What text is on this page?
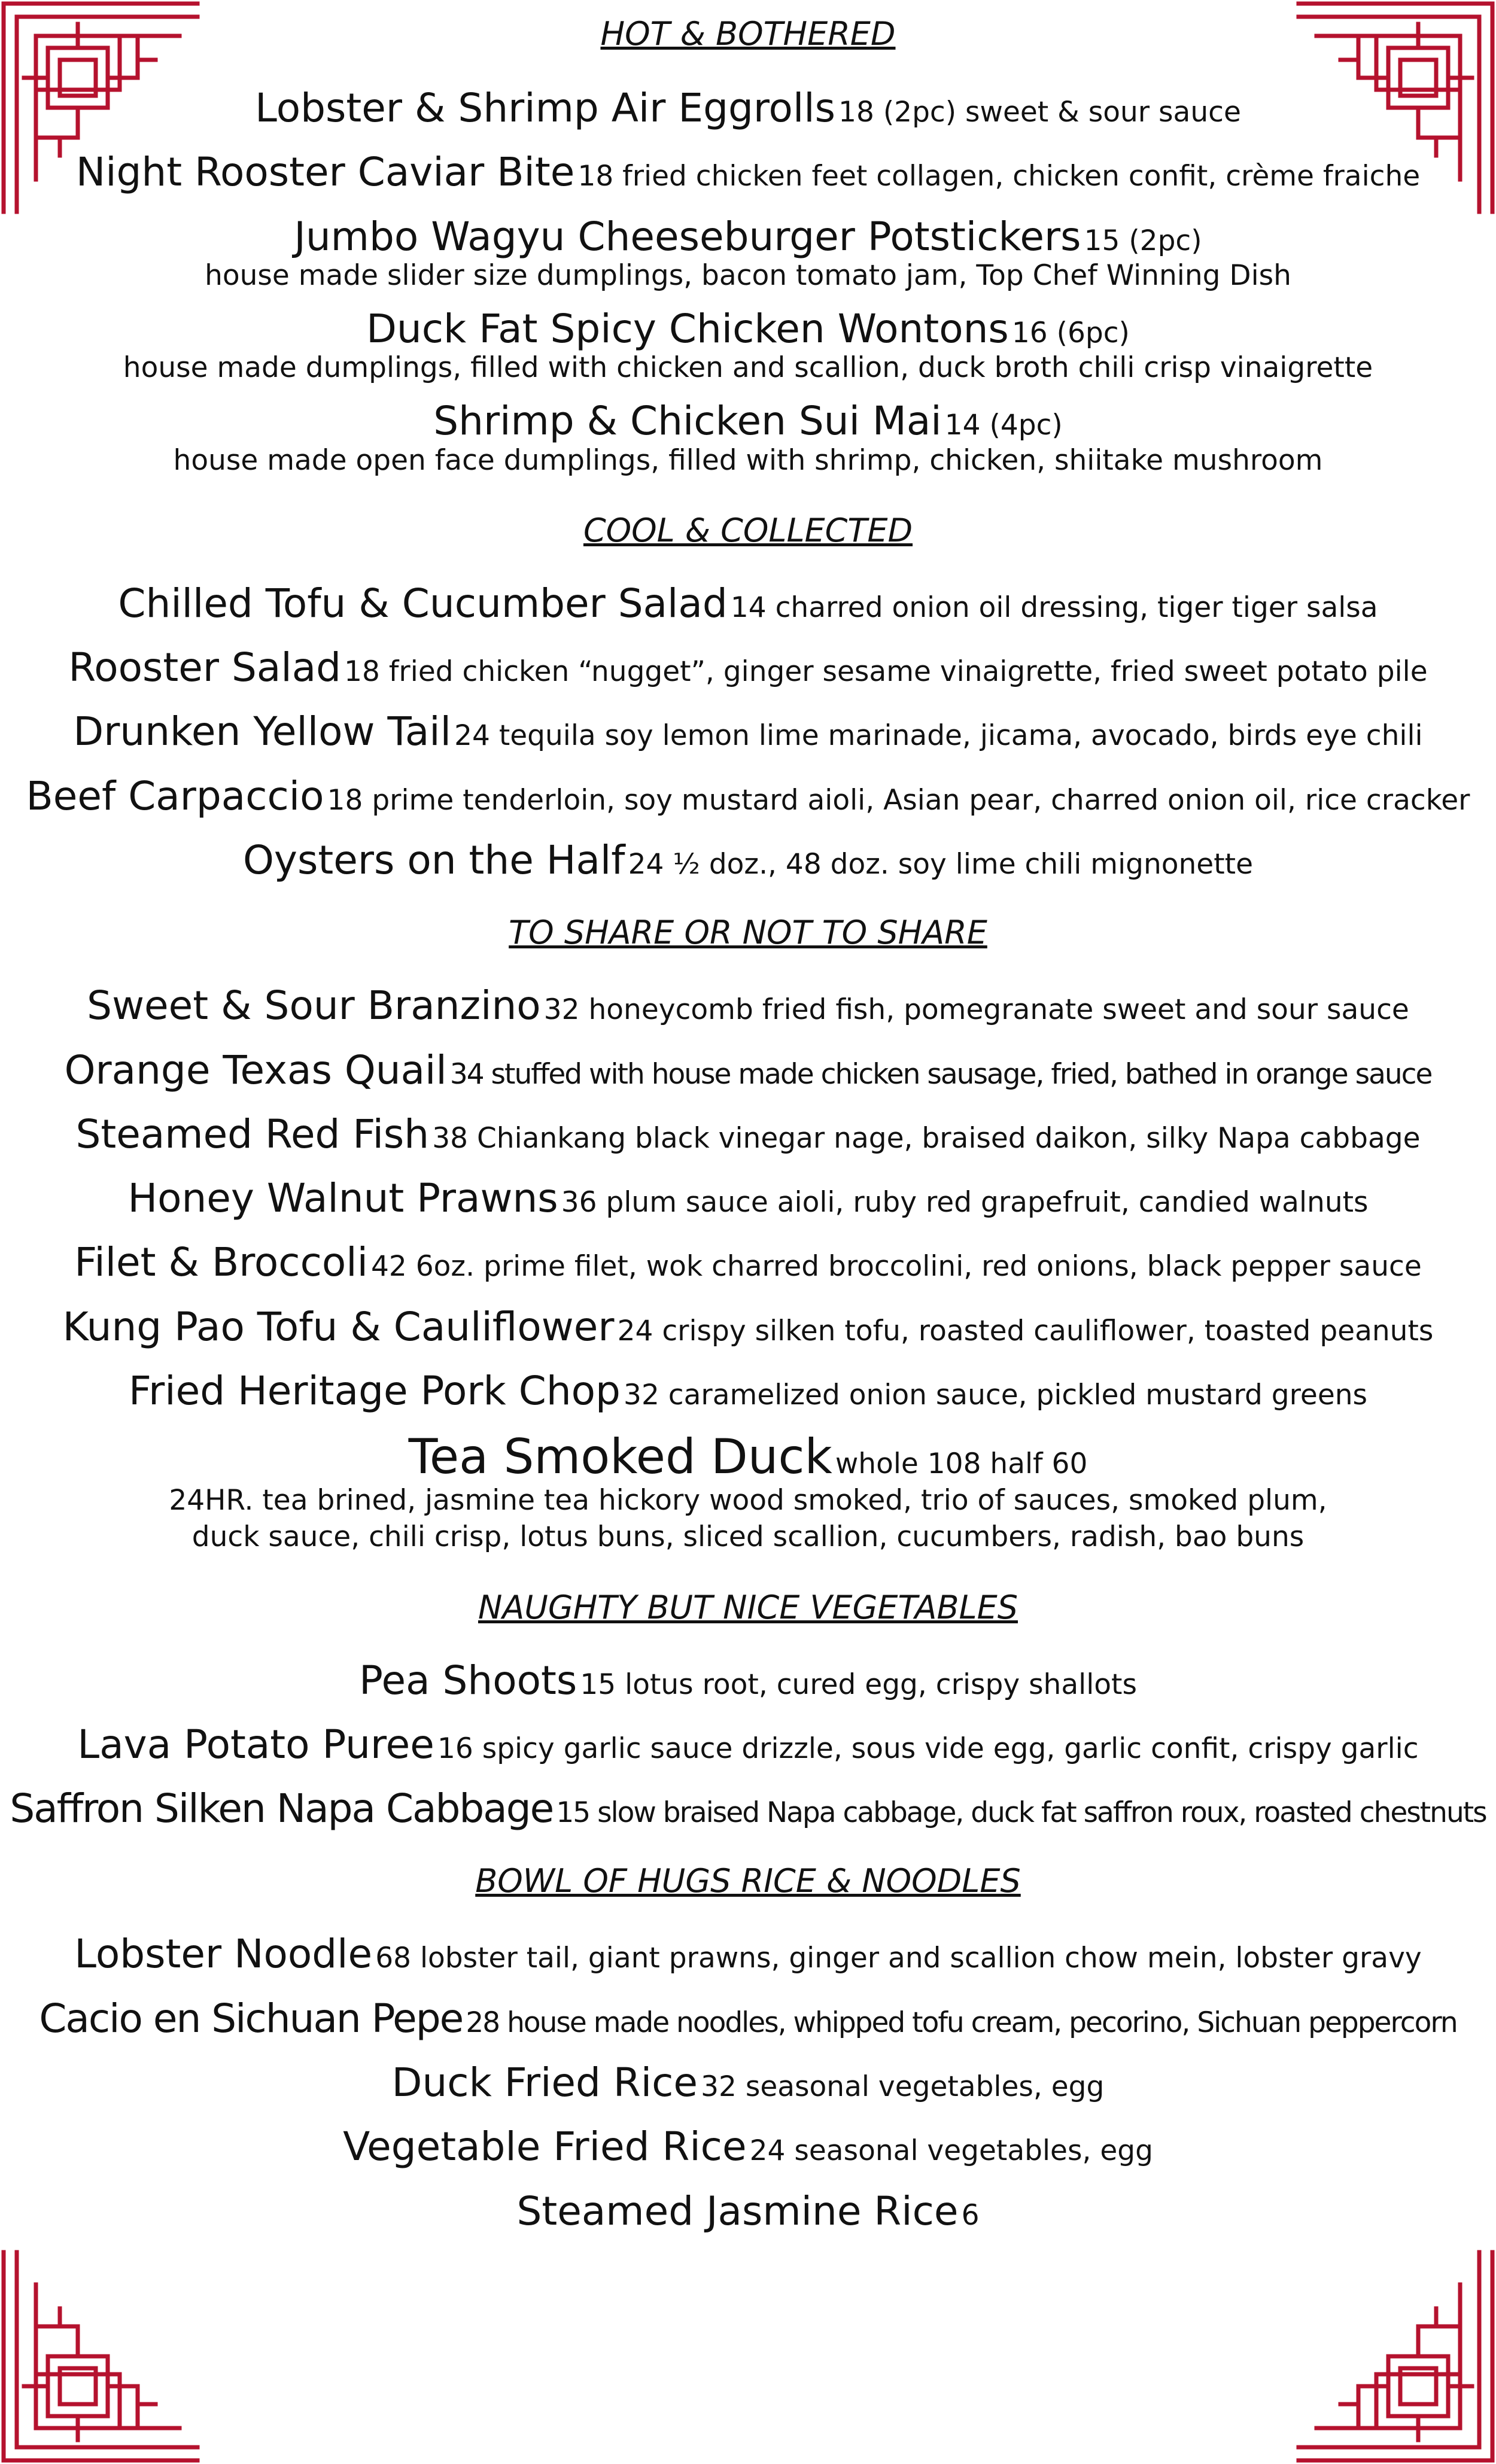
HOT & BOTHERED

Lobster & Shrimp Air Eggrolls 18 (2pc) sweet & sour sauce

Night Rooster Caviar Bite 18 fried chicken feet collagen, chicken confit, crème fraiche

Jumbo Wagyu Cheeseburger Potstickers 15 (2pc)

house made slider size dumplings, bacon tomato jam, Top Chef Winning Dish

Duck Fat Spicy Chicken Wontons 16 (6pc)

house made dumplings, filled with chicken and scallion, duck broth chili crisp vinaigrette

Shrimp & Chicken Sui Mai 14 (4pc)

house made open face dumplings, filled with shrimp, chicken, shiitake mushroom

COOL & COLLECTED

Chilled Tofu & Cucumber Salad 14 charred onion oil dressing, tiger tiger salsa

Rooster Salad 18 fried chicken “nugget”, ginger sesame vinaigrette, fried sweet potato pile

Drunken Yellow Tail 24 tequila soy lemon lime marinade, jicama, avocado, birds eye chili

Beef Carpaccio 18 prime tenderloin, soy mustard aioli, Asian pear, charred onion oil, rice cracker

Oysters on the Half 24 ½ doz., 48 doz. soy lime chili mignonette

TO SHARE OR NOT TO SHARE

Sweet & Sour Branzino 32 honeycomb fried fish, pomegranate sweet and sour sauce

Orange Texas Quail 34 stuffed with house made chicken sausage, fried, bathed in orange sauce

Steamed Red Fish 38 Chiankang black vinegar nage, braised daikon, silky Napa cabbage

Honey Walnut Prawns 36 plum sauce aioli, ruby red grapefruit, candied walnuts

Filet & Broccoli 42 6oz. prime filet, wok charred broccolini, red onions, black pepper sauce

Kung Pao Tofu & Cauliflower 24 crispy silken tofu, roasted cauliflower, toasted peanuts

Fried Heritage Pork Chop 32 caramelized onion sauce, pickled mustard greens

Tea Smoked Duck whole 108 half 60

24HR. tea brined, jasmine tea hickory wood smoked, trio of sauces, smoked plum,

duck sauce, chili crisp, lotus buns, sliced scallion, cucumbers, radish, bao buns

NAUGHTY BUT NICE VEGETABLES

Pea Shoots 15 lotus root, cured egg, crispy shallots

Lava Potato Puree 16 spicy garlic sauce drizzle, sous vide egg, garlic confit, crispy garlic

Saffron Silken Napa Cabbage 15 slow braised Napa cabbage, duck fat saffron roux, roasted chestnuts

BOWL OF HUGS RICE & NOODLES

Lobster Noodle 68 lobster tail, giant prawns, ginger and scallion chow mein, lobster gravy

Cacio en Sichuan Pepe 28 house made noodles, whipped tofu cream, pecorino, Sichuan peppercorn

Duck Fried Rice 32 seasonal vegetables, egg

Vegetable Fried Rice 24 seasonal vegetables, egg

Steamed Jasmine Rice 6
